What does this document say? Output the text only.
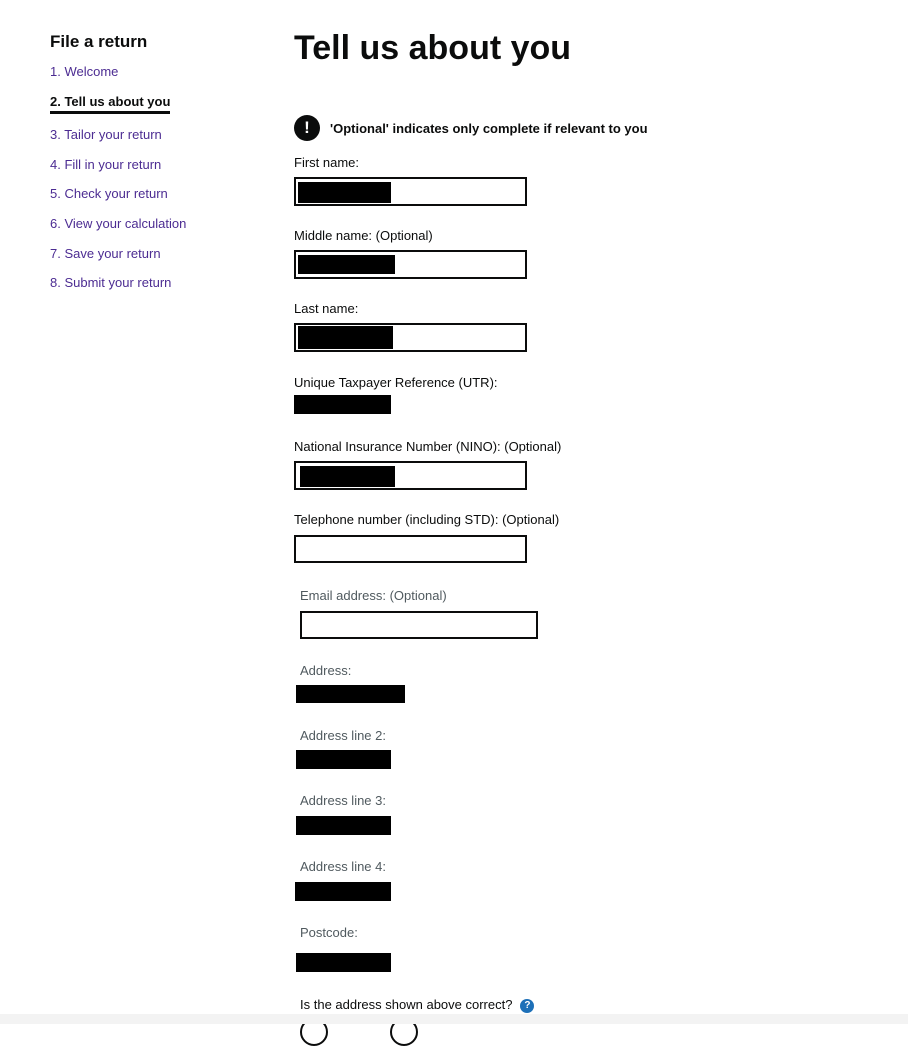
File a return
1. Welcome
2. Tell us about you
3. Tailor your return
4. Fill in your return
5. Check your return
6. View your calculation
7. Save your return
8. Submit your return
Tell us about you
!	'Optional' indicates only complete if relevant to you
First name:
Middle name: (Optional)
Last name:
Unique Taxpayer Reference (UTR):
National Insurance Number (NINO): (Optional)
Telephone number (including STD): (Optional)
Email address: (Optional)
Address:
Address line 2:
Address line 3:
Address line 4:
Postcode:
Is the address shown above correct? ?
